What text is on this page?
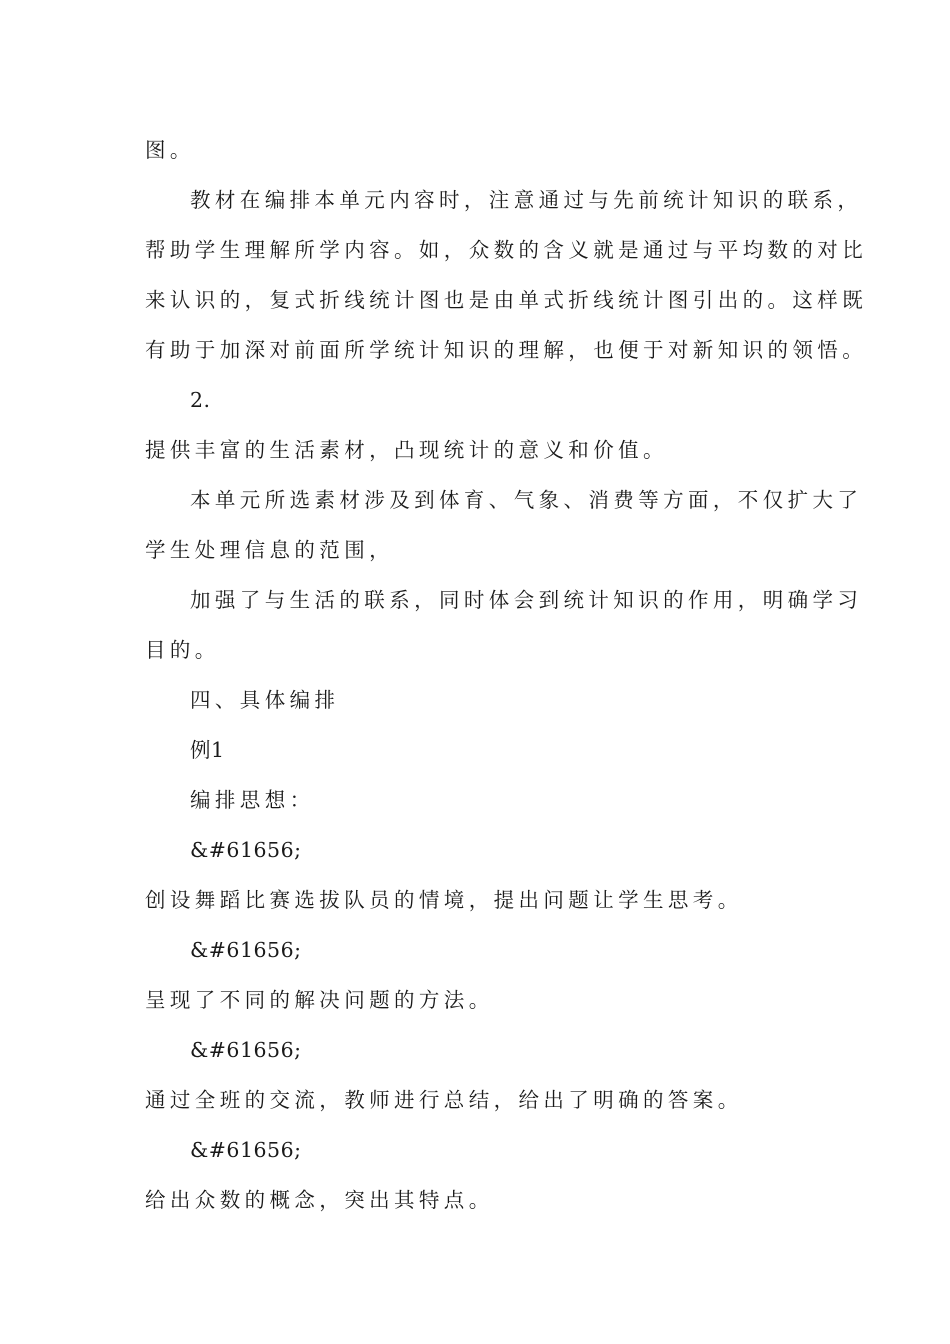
图。
教材在编排本单元内容时，注意通过与先前统计知识的联系，
帮助学生理解所学内容。如，众数的含义就是通过与平均数的对比
来认识的，复式折线统计图也是由单式折线统计图引出的。这样既
有助于加深对前面所学统计知识的理解，也便于对新知识的领悟。
2.
提供丰富的生活素材，凸现统计的意义和价值。
本单元所选素材涉及到体育、气象、消费等方面，不仅扩大了
学生处理信息的范围，
加强了与生活的联系，同时体会到统计知识的作用，明确学习
目的。
四、具体编排
例1
编排思想：
&#61656;
创设舞蹈比赛选拔队员的情境，提出问题让学生思考。
&#61656;
呈现了不同的解决问题的方法。
&#61656;
通过全班的交流，教师进行总结，给出了明确的答案。
&#61656;
给出众数的概念，突出其特点。
